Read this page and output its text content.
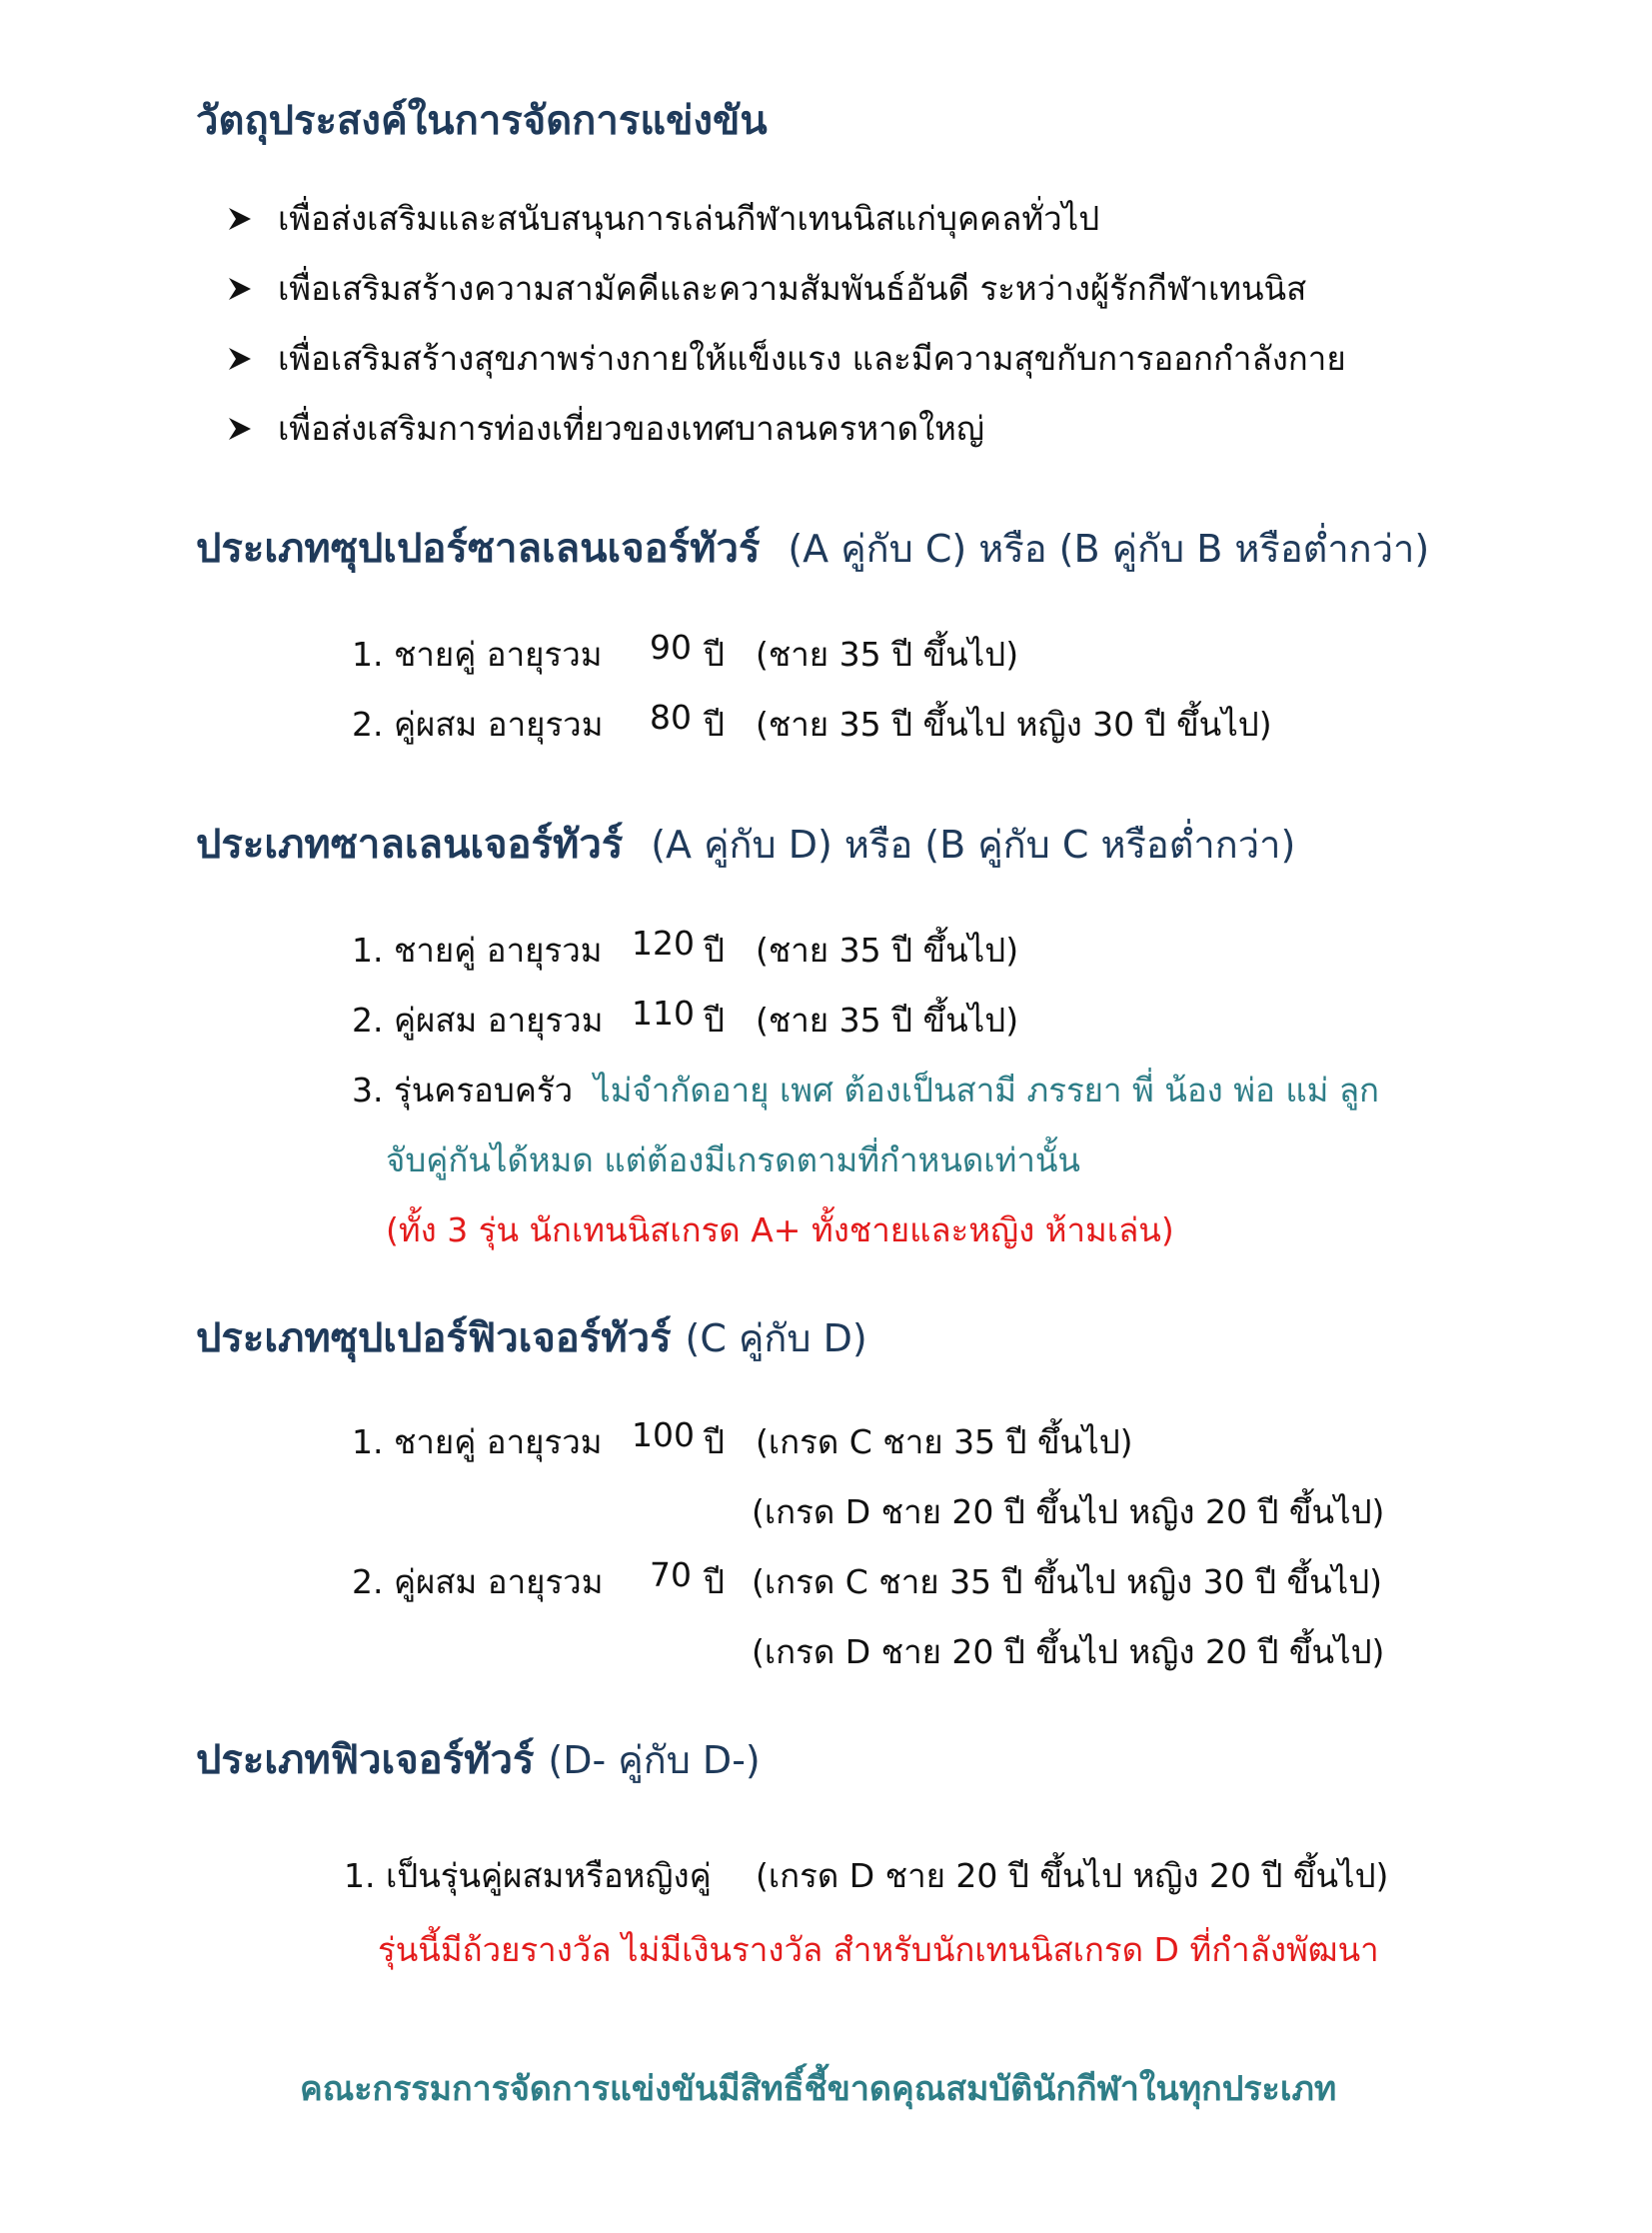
วัตถุประสงค์ในการจัดการแข่งขัน
เพื่อส่งเสริมและสนับสนุนการเล่นกีฬาเทนนิสแก่บุคคลทั่วไป
เพื่อเสริมสร้างความสามัคคีและความสัมพันธ์อันดี ระหว่างผู้รักกีฬาเทนนิส
เพื่อเสริมสร้างสุขภาพร่างกายให้แข็งแรง และมีความสุขกับการออกกำลังกาย
เพื่อส่งเสริมการท่องเที่ยวของเทศบาลนครหาดใหญ่
ประเภทซุปเปอร์ซาลเลนเจอร์ทัวร์ (A คู่กับ C) หรือ (B คู่กับ B หรือต่ำกว่า)
1. ชายคู่ อายุรวม 90 ปี (ชาย 35 ปี ขึ้นไป)
2. คู่ผสม อายุรวม 80 ปี (ชาย 35 ปี ขึ้นไป หญิง 30 ปี ขึ้นไป)
ประเภทซาลเลนเจอร์ทัวร์ (A คู่กับ D) หรือ (B คู่กับ C หรือต่ำกว่า)
1. ชายคู่ อายุรวม 120 ปี (ชาย 35 ปี ขึ้นไป)
2. คู่ผสม อายุรวม 110 ปี (ชาย 35 ปี ขึ้นไป)
3. รุ่นครอบครัว ไม่จำกัดอายุ เพศ ต้องเป็นสามี ภรรยา พี่ น้อง พ่อ แม่ ลูก
จับคู่กันได้หมด แต่ต้องมีเกรดตามที่กำหนดเท่านั้น
(ทั้ง 3 รุ่น นักเทนนิสเกรด A+ ทั้งชายและหญิง ห้ามเล่น)
ประเภทซุปเปอร์ฟิวเจอร์ทัวร์ (C คู่กับ D)
1. ชายคู่ อายุรวม 100 ปี (เกรด C ชาย 35 ปี ขึ้นไป)
(เกรด D ชาย 20 ปี ขึ้นไป หญิง 20 ปี ขึ้นไป)
2. คู่ผสม อายุรวม 70 ปี (เกรด C ชาย 35 ปี ขึ้นไป หญิง 30 ปี ขึ้นไป)
(เกรด D ชาย 20 ปี ขึ้นไป หญิง 20 ปี ขึ้นไป)
ประเภทฟิวเจอร์ทัวร์ (D- คู่กับ D-)
1. เป็นรุ่นคู่ผสมหรือหญิงคู่ (เกรด D ชาย 20 ปี ขึ้นไป หญิง 20 ปี ขึ้นไป)
รุ่นนี้มีถ้วยรางวัล ไม่มีเงินรางวัล สำหรับนักเทนนิสเกรด D ที่กำลังพัฒนา
คณะกรรมการจัดการแข่งขันมีสิทธิ์ชี้ขาดคุณสมบัตินักกีฬาในทุกประเภท
